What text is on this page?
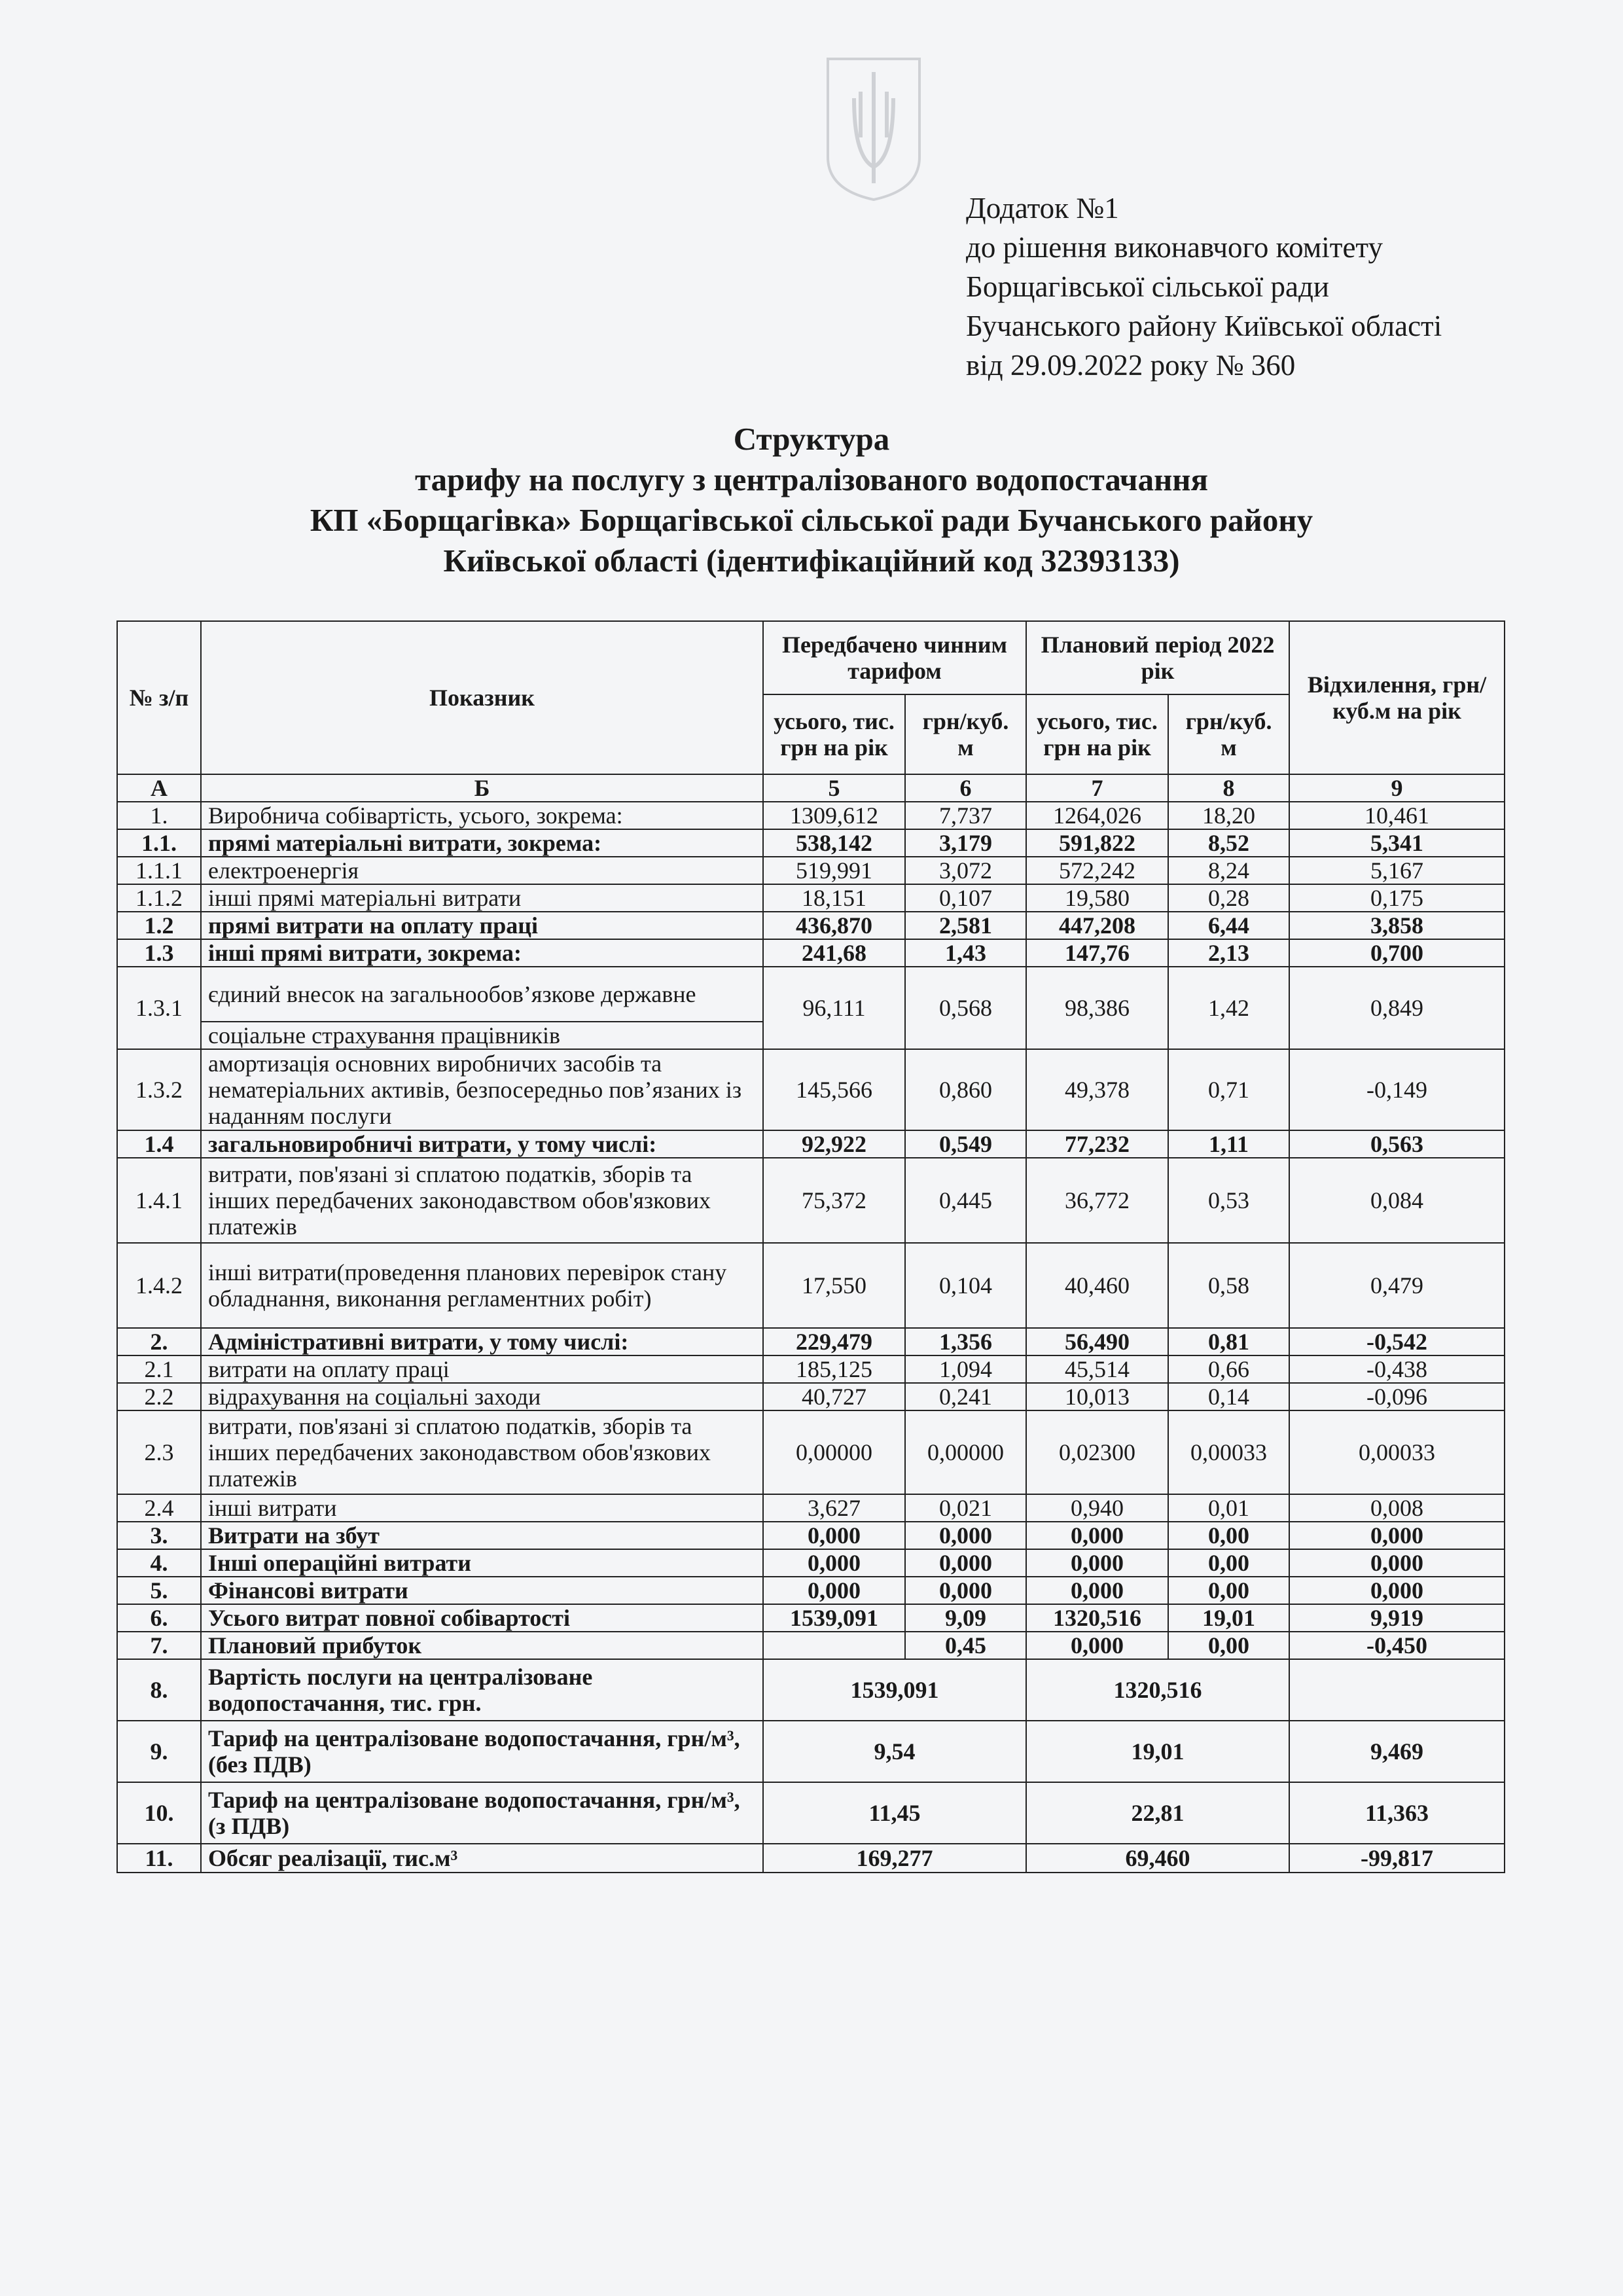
Додаток №1
до рішення виконавчого комітету
Борщагівської сільської ради
Бучанського району Київської області
від 29.09.2022 року № 360
Структура
тарифу на послугу з централізованого водопостачання
КП «Борщагівка» Борщагівської сільської ради Бучанського району
Київської області (ідентифікаційний код 32393133)
№ з/п	Показник	Передбачено чинним тарифом		Плановий період 2022 рік		Відхилення, грн/куб.м на рік
		усього, тис. грн на рік	грн/куб. м	усього, тис. грн на рік	грн/куб. м	
А	Б	5	6	7	8	9
1.	Виробнича собівартість, усього, зокрема:	1309,612	7,737	1264,026	18,20	10,461
1.1.	прямі матеріальні витрати, зокрема:	538,142	3,179	591,822	8,52	5,341
1.1.1	електроенергія	519,991	3,072	572,242	8,24	5,167
1.1.2	інші прямі матеріальні витрати	18,151	0,107	19,580	0,28	0,175
1.2	прямі витрати на оплату праці	436,870	2,581	447,208	6,44	3,858
1.3	інші прямі витрати, зокрема:	241,68	1,43	147,76	2,13	0,700
1.3.1	єдиний внесок на загальнообов’язкове державне	96,111	0,568	98,386	1,42	0,849
	соціальне страхування працівників					
1.3.2	амортизація основних виробничих засобів та нематеріальних активів, безпосередньо пов’язаних із наданням послуги	145,566	0,860	49,378	0,71	-0,149
1.4	загальновиробничі витрати, у тому числі:	92,922	0,549	77,232	1,11	0,563
1.4.1	витрати, пов'язані зі сплатою податків, зборів та інших передбачених законодавством обов'язкових платежів	75,372	0,445	36,772	0,53	0,084
1.4.2	інші витрати(проведення планових перевірок стану обладнання, виконання регламентних робіт)	17,550	0,104	40,460	0,58	0,479
2.	Адміністративні витрати, у тому числі:	229,479	1,356	56,490	0,81	-0,542
2.1	витрати на оплату праці	185,125	1,094	45,514	0,66	-0,438
2.2	відрахування на соціальні заходи	40,727	0,241	10,013	0,14	-0,096
2.3	витрати, пов'язані зі сплатою податків, зборів та інших передбачених законодавством обов'язкових платежів	0,00000	0,00000	0,02300	0,00033	0,00033
2.4	інші витрати	3,627	0,021	0,940	0,01	0,008
3.	Витрати на збут	0,000	0,000	0,000	0,00	0,000
4.	Інші операційні витрати	0,000	0,000	0,000	0,00	0,000
5.	Фінансові витрати	0,000	0,000	0,000	0,00	0,000
6.	Усього витрат повної собівартості	1539,091	9,09	1320,516	19,01	9,919
7.	Плановий прибуток		0,45	0,000	0,00	-0,450
8.	Вартість послуги на централізоване водопостачання, тис. грн.	1539,091		1320,516		
9.	Тариф на централізоване водопостачання, грн/м³, (без ПДВ)	9,54		19,01		9,469
10.	Тариф на централізоване водопостачання, грн/м³, (з ПДВ)	11,45		22,81		11,363
11.	Обсяг реалізації, тис.м³	169,277		69,460		-99,817
